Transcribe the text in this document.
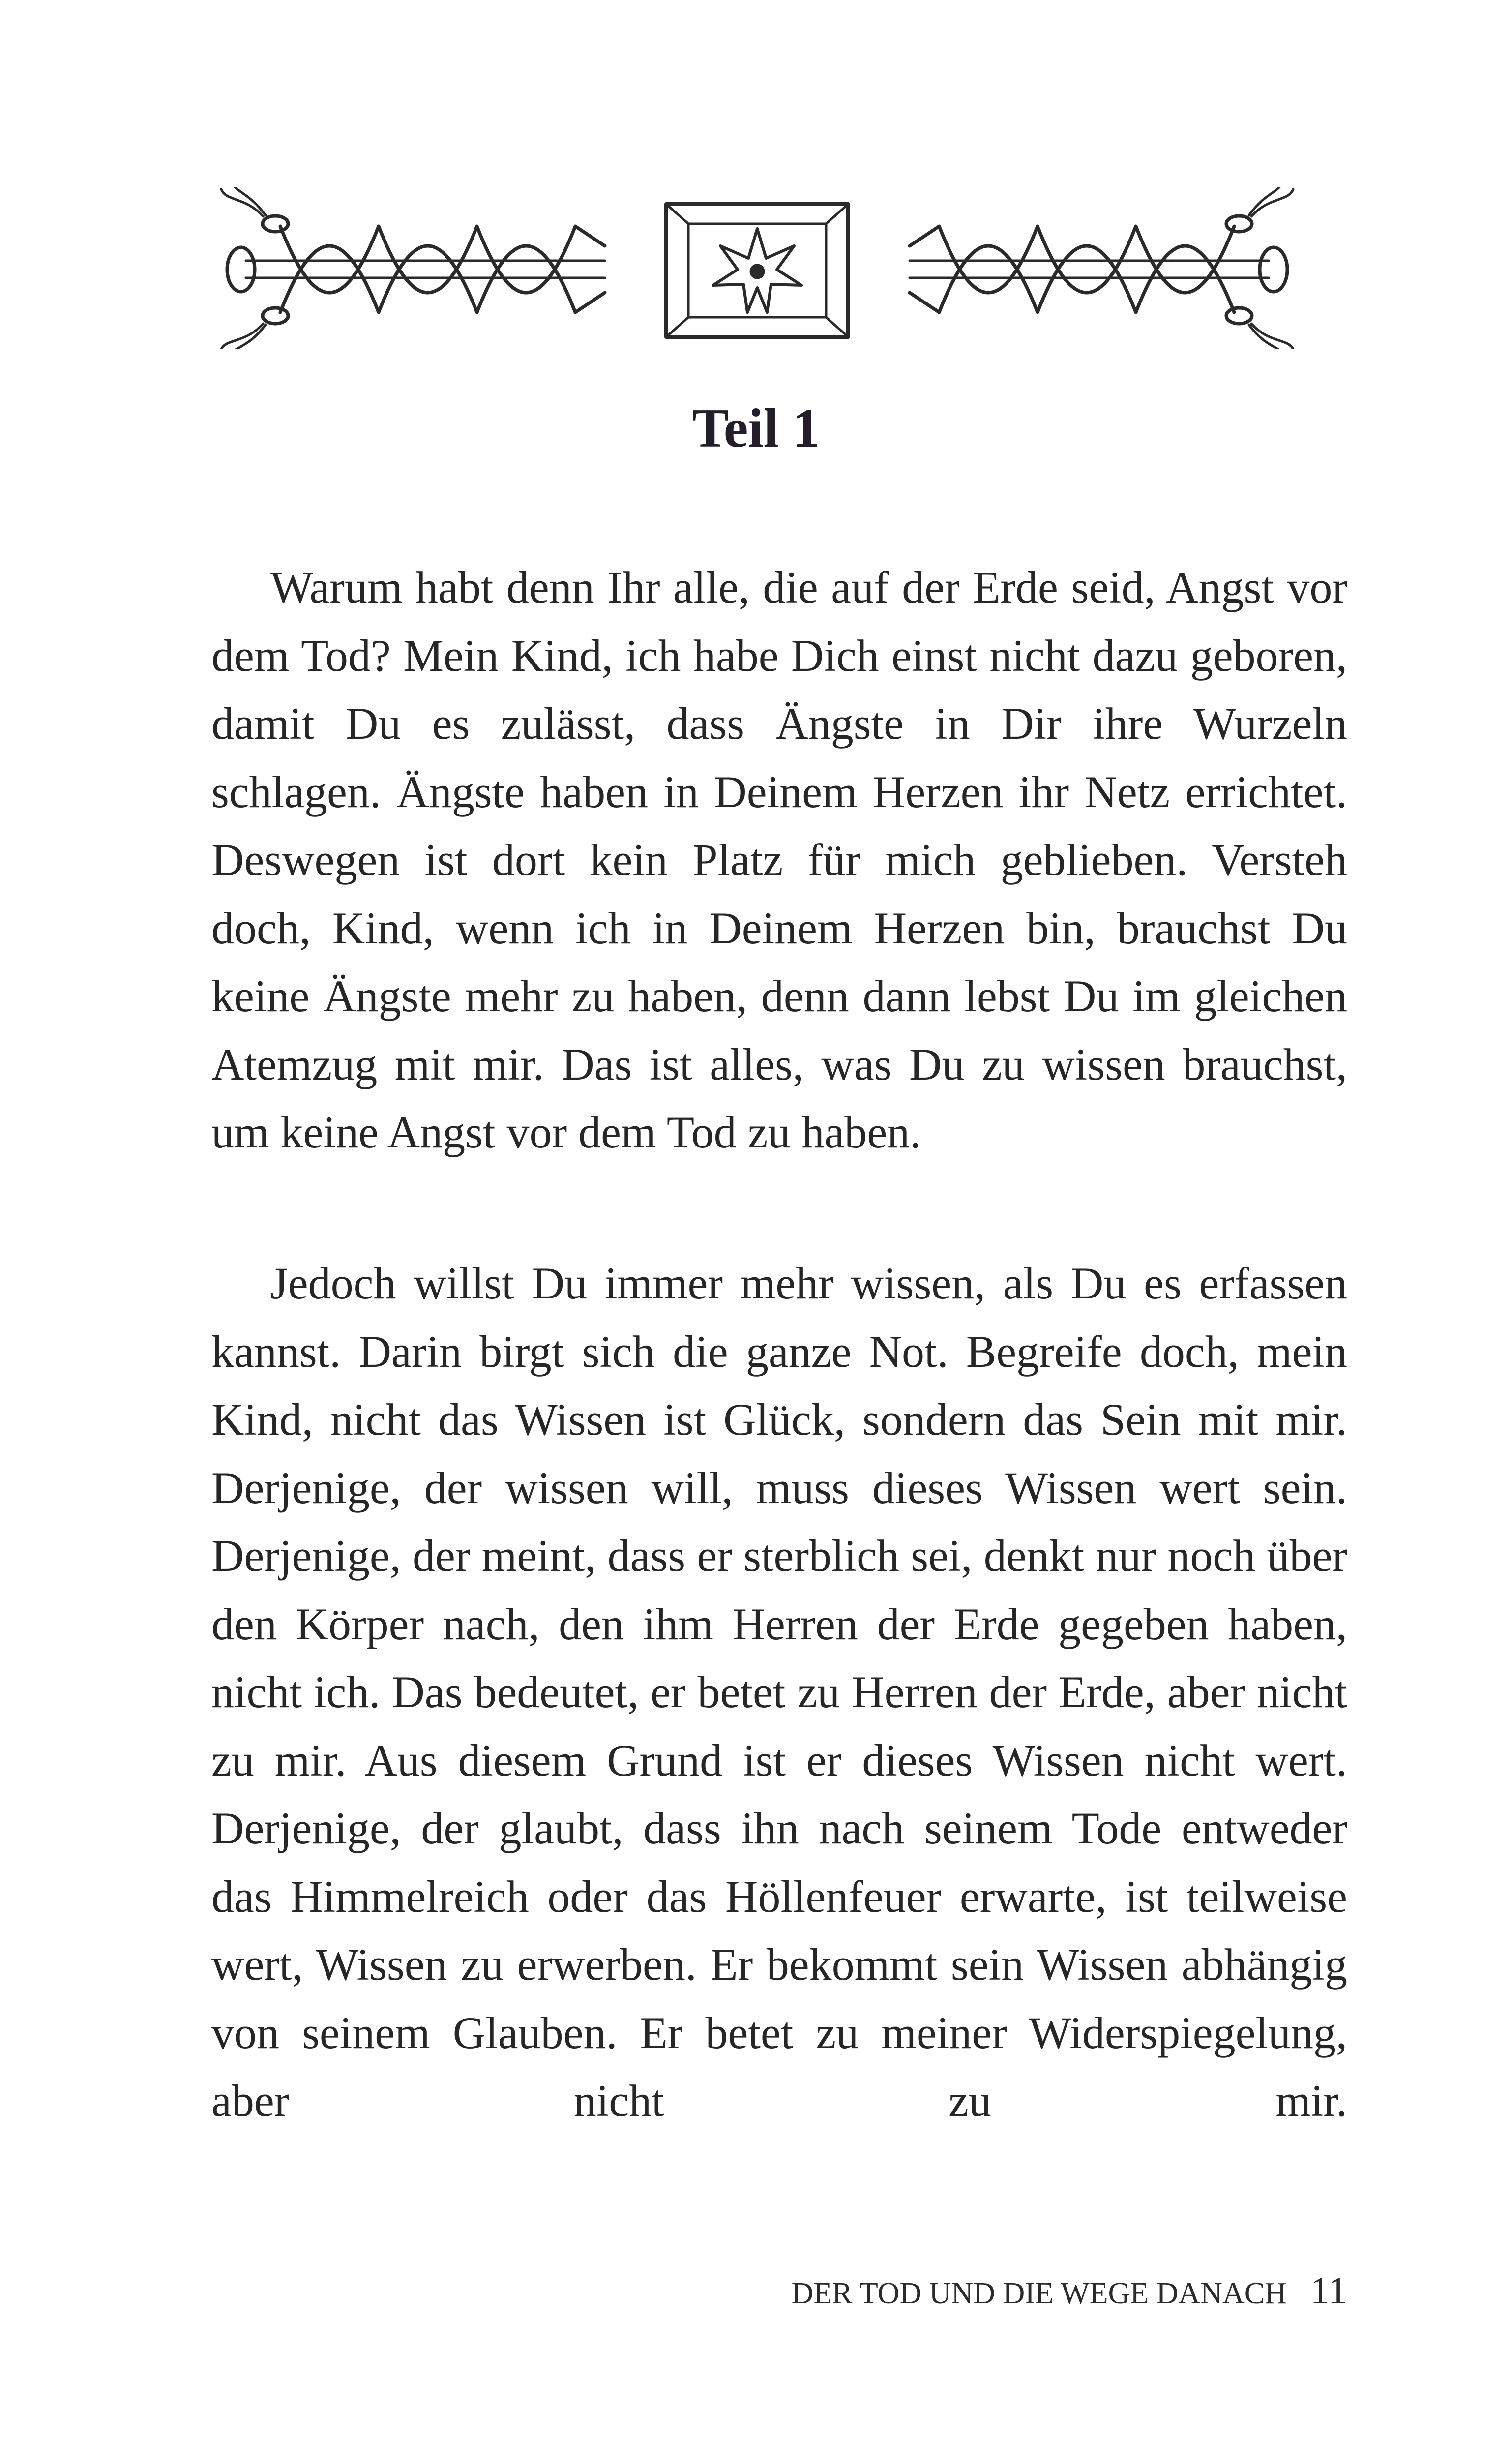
Teil 1

Warum habt denn Ihr alle, die auf der Erde seid, Angst vor dem Tod? Mein Kind, ich habe Dich einst nicht dazu geboren, damit Du es zulässt, dass Ängste in Dir ihre Wurzeln schlagen. Ängste haben in Deinem Herzen ihr Netz errichtet. Deswegen ist dort kein Platz für mich geblieben. Versteh doch, Kind, wenn ich in Deinem Herzen bin, brauchst Du keine Ängste mehr zu haben, denn dann lebst Du im gleichen Atemzug mit mir. Das ist alles, was Du zu wissen brauchst, um keine Angst vor dem Tod zu haben.

Jedoch willst Du immer mehr wissen, als Du es erfassen kannst. Darin birgt sich die ganze Not. Begreife doch, mein Kind, nicht das Wissen ist Glück, sondern das Sein mit mir. Derjenige, der wissen will, muss dieses Wissen wert sein. Derjenige, der meint, dass er sterblich sei, denkt nur noch über den Körper nach, den ihm Herren der Erde gegeben haben, nicht ich. Das bedeutet, er betet zu Herren der Erde, aber nicht zu mir. Aus diesem Grund ist er dieses Wissen nicht wert. Derjenige, der glaubt, dass ihn nach seinem Tode entweder das Himmelreich oder das Höllenfeuer erwarte, ist teilweise wert, Wissen zu erwerben. Er bekommt sein Wissen abhängig von seinem Glauben. Er betet zu meiner Widerspiegelung, aber nicht zu mir.

DER TOD UND DIE WEGE DANACH 11
